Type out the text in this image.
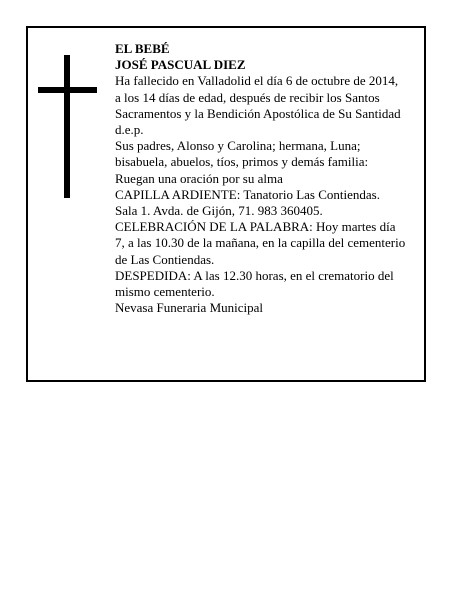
EL BEBÉ
JOSÉ PASCUAL DIEZ
Ha fallecido en Valladolid el día 6 de octubre de 2014,
a los 14 días de edad, después de recibir los Santos
Sacramentos y la Bendición Apostólica de Su Santidad
d.e.p.
Sus padres, Alonso y Carolina; hermana, Luna;
bisabuela, abuelos, tíos, primos y demás familia:
Ruegan una oración por su alma
CAPILLA ARDIENTE: Tanatorio Las Contiendas.
Sala 1. Avda. de Gijón, 71. 983 360405.
CELEBRACIÓN DE LA PALABRA: Hoy martes día
7, a las 10.30 de la mañana, en la capilla del cementerio
de Las Contiendas.
DESPEDIDA: A las 12.30 horas, en el crematorio del
mismo cementerio.
Nevasa Funeraria Municipal
